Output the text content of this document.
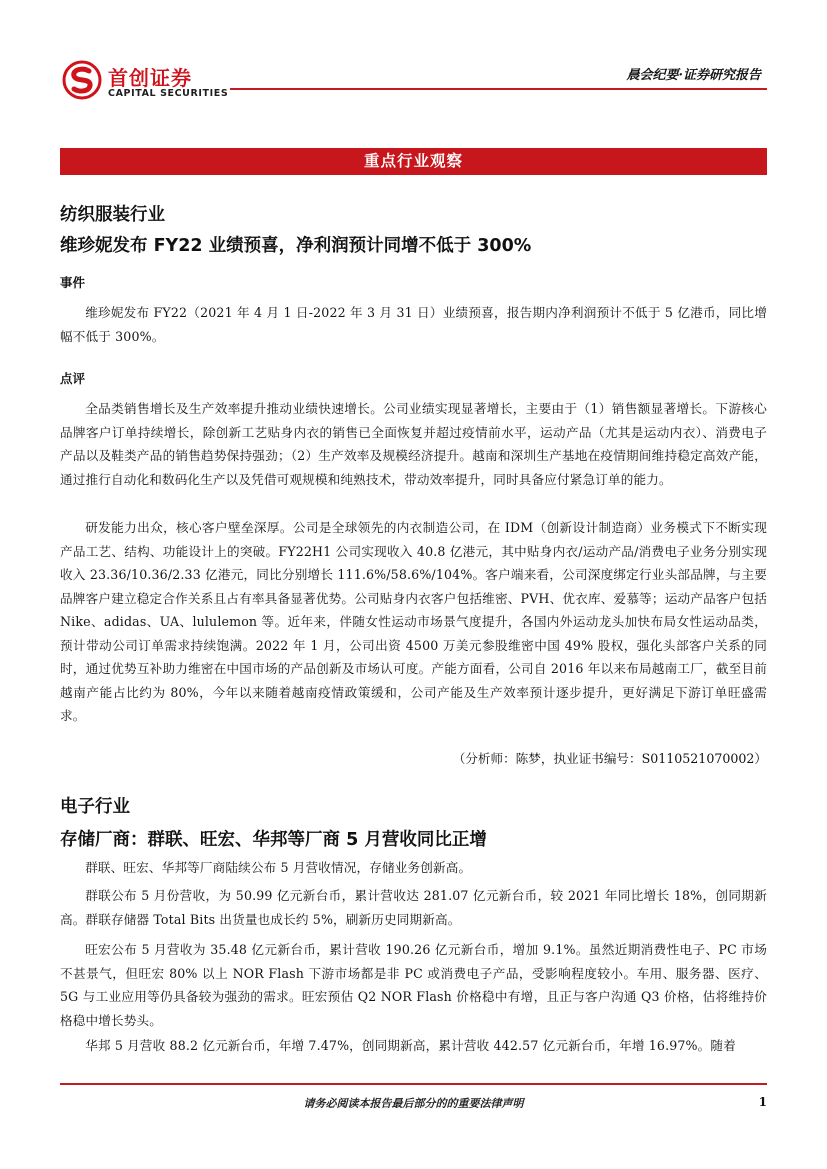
首创证券
CAPITAL SECURITIES
晨会纪要·证券研究报告
重点行业观察
纺织服装行业
维珍妮发布 FY22 业绩预喜，净利润预计同增不低于 300%
事件
维珍妮发布 FY22（2021 年 4 月 1 日-2022 年 3 月 31 日）业绩预喜，报告期内净利润预计不低于 5 亿港币，同比增幅不低于 300%。
点评
全品类销售增长及生产效率提升推动业绩快速增长。公司业绩实现显著增长，主要由于（1）销售额显著增长。下游核心品牌客户订单持续增长，除创新工艺贴身内衣的销售已全面恢复并超过疫情前水平，运动产品（尤其是运动内衣）、消费电子产品以及鞋类产品的销售趋势保持强劲；（2）生产效率及规模经济提升。越南和深圳生产基地在疫情期间维持稳定高效产能，通过推行自动化和数码化生产以及凭借可观规模和纯熟技术，带动效率提升，同时具备应付紧急订单的能力。
研发能力出众，核心客户壁垒深厚。公司是全球领先的内衣制造公司，在 IDM（创新设计制造商）业务模式下不断实现产品工艺、结构、功能设计上的突破。FY22H1 公司实现收入 40.8 亿港元，其中贴身内衣/运动产品/消费电子业务分别实现收入 23.36/10.36/2.33 亿港元，同比分别增长 111.6%/58.6%/104%。客户端来看，公司深度绑定行业头部品牌，与主要品牌客户建立稳定合作关系且占有率具备显著优势。公司贴身内衣客户包括维密、PVH、优衣库、爱慕等；运动产品客户包括 Nike、adidas、UA、lululemon 等。近年来，伴随女性运动市场景气度提升，各国内外运动龙头加快布局女性运动品类，预计带动公司订单需求持续饱满。2022 年 1 月，公司出资 4500 万美元参股维密中国 49% 股权，强化头部客户关系的同时，通过优势互补助力维密在中国市场的产品创新及市场认可度。产能方面看，公司自 2016 年以来布局越南工厂，截至目前越南产能占比约为 80%，今年以来随着越南疫情政策缓和，公司产能及生产效率预计逐步提升，更好满足下游订单旺盛需求。
（分析师：陈梦，执业证书编号：S0110521070002）
电子行业
存储厂商：群联、旺宏、华邦等厂商 5 月营收同比正增
群联、旺宏、华邦等厂商陆续公布 5 月营收情况，存储业务创新高。
群联公布 5 月份营收，为 50.99 亿元新台币，累计营收达 281.07 亿元新台币，较 2021 年同比增长 18%，创同期新高。群联存储器 Total Bits 出货量也成长约 5%，刷新历史同期新高。
旺宏公布 5 月营收为 35.48 亿元新台币，累计营收 190.26 亿元新台币，增加 9.1%。虽然近期消费性电子、PC 市场不甚景气，但旺宏 80% 以上 NOR Flash 下游市场都是非 PC 或消费电子产品，受影响程度较小。车用、服务器、医疗、5G 与工业应用等仍具备较为强劲的需求。旺宏预估 Q2 NOR Flash 价格稳中有增，且正与客户沟通 Q3 价格，估将维持价格稳中增长势头。
华邦 5 月营收 88.2 亿元新台币，年增 7.47%，创同期新高，累计营收 442.57 亿元新台币，年增 16.97%。随着
请务必阅读本报告最后部分的的重要法律声明	1
